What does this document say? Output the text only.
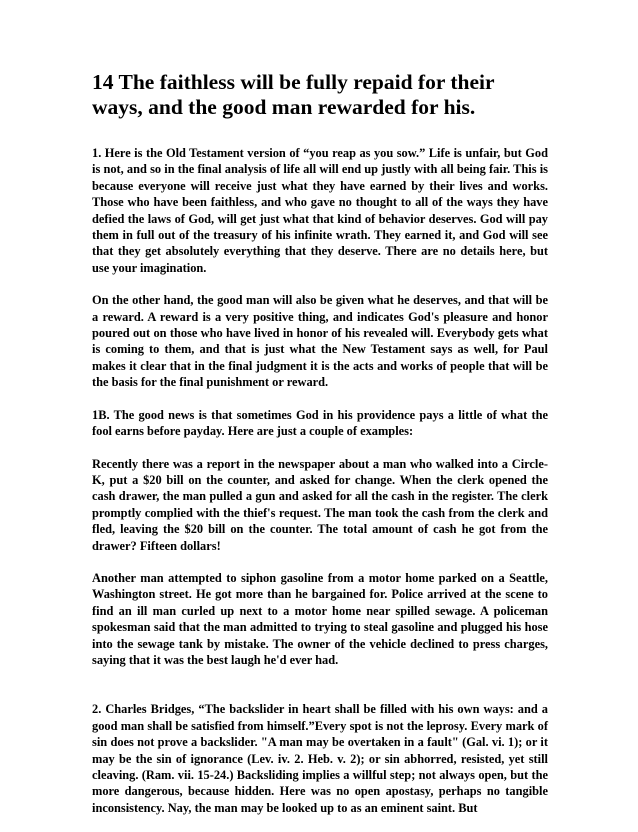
14 The faithless will be fully repaid for their ways, and the good man rewarded for his.

1. Here is the Old Testament version of “you reap as you sow.” Life is unfair, but God is not, and so in the final analysis of life all will end up justly with all being fair. This is because everyone will receive just what they have earned by their lives and works. Those who have been faithless, and who gave no thought to all of the ways they have defied the laws of God, will get just what that kind of behavior deserves. God will pay them in full out of the treasury of his infinite wrath. They earned it, and God will see that they get absolutely everything that they deserve. There are no details here, but use your imagination.

On the other hand, the good man will also be given what he deserves, and that will be a reward. A reward is a very positive thing, and indicates God's pleasure and honor poured out on those who have lived in honor of his revealed will. Everybody gets what is coming to them, and that is just what the New Testament says as well, for Paul makes it clear that in the final judgment it is the acts and works of people that will be the basis for the final punishment or reward.

1B. The good news is that sometimes God in his providence pays a little of what the fool earns before payday. Here are just a couple of examples:

Recently there was a report in the newspaper about a man who walked into a Circle-K, put a $20 bill on the counter, and asked for change. When the clerk opened the cash drawer, the man pulled a gun and asked for all the cash in the register. The clerk promptly complied with the thief's request. The man took the cash from the clerk and fled, leaving the $20 bill on the counter. The total amount of cash he got from the drawer? Fifteen dollars!

Another man attempted to siphon gasoline from a motor home parked on a Seattle, Washington street. He got more than he bargained for. Police arrived at the scene to find an ill man curled up next to a motor home near spilled sewage. A policeman spokesman said that the man admitted to trying to steal gasoline and plugged his hose into the sewage tank by mistake. The owner of the vehicle declined to press charges, saying that it was the best laugh he'd ever had.

2. Charles Bridges, “The backslider in heart shall be filled with his own ways: and a good man shall be satisfied from himself.”Every spot is not the leprosy. Every mark of sin does not prove a backslider. "A man may be overtaken in a fault" (Gal. vi. 1); or it may be the sin of ignorance (Lev. iv. 2. Heb. v. 2); or sin abhorred, resisted, yet still cleaving. (Ram. vii. 15-24.) Backsliding implies a willful step; not always open, but the more dangerous, because hidden. Here was no open apostasy, perhaps no tangible inconsistency. Nay, the man may be looked up to as an eminent saint. But
